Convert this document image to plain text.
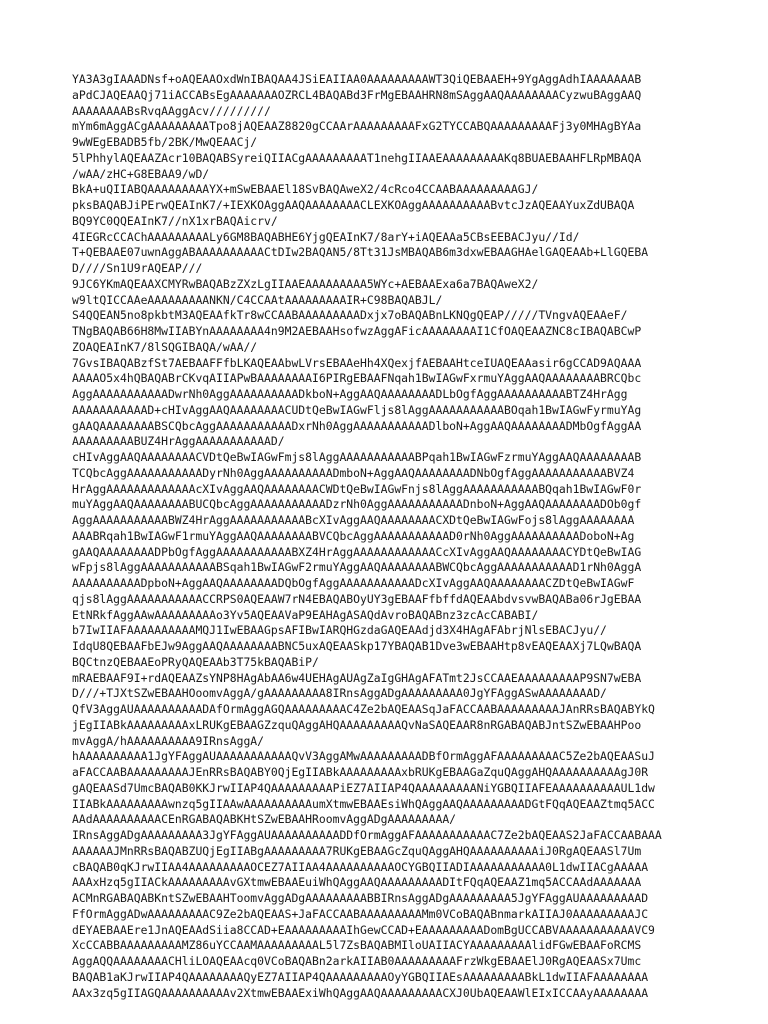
YA3A3gIAAADNsf+oAQEAAOxdWnIBAQAA4JSiEAIIAA0AAAAAAAAAWT3QiQEBAAEH+9YgAggAdhIAAAAAAAB
aPdCJAQEAAQj71iACCABsEgAAAAAAAOZRCL4BAQABd3FrMgEBAAHRN8mSAggAAQAAAAAAAACyzwuBAggAAQ
AAAAAAAABsRvqAAggAcv/////////
mYm6mAggACgAAAAAAAAATpo8jAQEAAZ8820gCCAArAAAAAAAAAFxG2TYCCABQAAAAAAAAAFj3y0MHAgBYAa
9wWEgEBADB5fb/2BK/MwQEAACj/
5lPhhylAQEAAZAcr10BAQABSyreiQIIACgAAAAAAAAAT1nehgIIAAEAAAAAAAAAKq8BUAEBAAHFLRpMBAQA
/wAA/zHC+G8EBAA9/wD/
BkA+uQIIABQAAAAAAAAAYX+mSwEBAAEl18SvBAQAweX2/4cRco4CCAABAAAAAAAAAGJ/
pksBAQABJiPErwQEAInK7/+IEXKOAggAAQAAAAAAAACLEXKOAggAAAAAAAAAABvtcJzAQEAAYuxZdUBAQA
BQ9YC0QQEAInK7//nX1xrBAQAicrv/
4IEGRcCCAChAAAAAAAAALy6GM8BAQABHE6YjgQEAInK7/8arY+iAQEAAa5CBsEEBACJyu//Id/
T+QEBAAE07uwnAggABAAAAAAAAAACtDIw2BAQAN5/8Tt31JsMBAQAB6m3dxwEBAAGHAelGAQEAAb+LlGQEBA
D////Sn1U9rAQEAP///
9JC6YKmAQEAAXCMYRwBAQABzZXzLgIIAAEAAAAAAAAA5WYc+AEBAAExa6a7BAQAweX2/
w9ltQICCAAeAAAAAAAAANKN/C4CCAAtAAAAAAAAAIR+C98BAQABJL/
S4QQEAN5no8pkbtM3AQEAAfkTr8wCCAABAAAAAAAAADxjx7oBAQABnLKNQgQEAP/////TVngvAQEAAeF/
TNgBAQAB66H8MwIIABYnAAAAAAAA4n9M2AEBAAHsofwzAggAFicAAAAAAAAI1CfOAQEAAZNC8cIBAQABCwP
ZOAQEAInK7/8lSQGIBAQA/wAA//
7GvsIBAQABzfSt7AEBAAFFfbLKAQEAAbwLVrsEBAAeHh4XQexjfAEBAAHtceIUAQEAAasir6gCCAD9AQAAA
AAAAO5x4hQBAQABrCKvqAIIAPwBAAAAAAAAI6PIRgEBAAFNqah1BwIAGwFxrmuYAggAAQAAAAAAAABRCQbc
AggAAAAAAAAAAADwrNh0AggAAAAAAAAAADkboN+AggAAQAAAAAAAADLbOgfAggAAAAAAAAAABTZ4HrAgg
AAAAAAAAAAAD+cHIvAggAAQAAAAAAAACUDtQeBwIAGwFljs8lAggAAAAAAAAAAABOqah1BwIAGwFyrmuYAg
gAAQAAAAAAAABSCQbcAggAAAAAAAAAAADxrNh0AggAAAAAAAAAAADlboN+AggAAQAAAAAAAADMbOgfAggAA
AAAAAAAAABUZ4HrAggAAAAAAAAAAAD/
cHIvAggAAQAAAAAAAACVDtQeBwIAGwFmjs8lAggAAAAAAAAAAABPqah1BwIAGwFzrmuYAggAAQAAAAAAAAB
TCQbcAggAAAAAAAAAAADyrNh0AggAAAAAAAAAADmboN+AggAAQAAAAAAAADNbOgfAggAAAAAAAAAAABVZ4
HrAggAAAAAAAAAAAAAcXIvAggAAQAAAAAAAACWDtQeBwIAGwFnjs8lAggAAAAAAAAAAABQqah1BwIAGwF0r
muYAggAAQAAAAAAAABUCQbcAggAAAAAAAAAAADzrNh0AggAAAAAAAAAAADnboN+AggAAQAAAAAAAADOb0gf
AggAAAAAAAAAAABWZ4HrAggAAAAAAAAAAABcXIvAggAAQAAAAAAAACXDtQeBwIAGwFojs8lAggAAAAAAAA
AAABRqah1BwIAGwF1rmuYAggAAQAAAAAAAABVCQbcAggAAAAAAAAAAAD0rNh0AggAAAAAAAAAADoboN+Ag
gAAQAAAAAAAADPbOgfAggAAAAAAAAAAABXZ4HrAggAAAAAAAAAAAACcXIvAggAAQAAAAAAAACYDtQeBwIAG
wFpjs8lAggAAAAAAAAAAABSqah1BwIAGwF2rmuYAggAAQAAAAAAAABWCQbcAggAAAAAAAAAAAD1rNh0AggA
AAAAAAAAAADpboN+AggAAQAAAAAAAADQbOgfAggAAAAAAAAAAADcXIvAggAAQAAAAAAAACZDtQeBwIAGwF
qjs8lAggAAAAAAAAAAACCRPS0AQEAAW7rN4EBAQABOyUY3gEBAAFfbffdAQEAAbdvsvwBAQABa06rJgEBAA
EtNRkfAggAAwAAAAAAAAAo3Yv5AQEAAVaP9EAHAgASAQdAvroBAQABnz3zcAcCABABI/
b7IwIIAFAAAAAAAAAAMQJ1IwEBAAGpsAFIBwIARQHGzdaGAQEAAdjd3X4HAgAFAbrjNlsEBACJyu//
IdqU8QEBAAFbEJw9AggAAQAAAAAAAABNC5uxAQEAASkp17YBAQAB1Dve3wEBAAHtp8vEAQEAAXj7LQwBAQA
BQCtnzQEBAAEoPRyQAQEAAb3T75kBAQABiP/
mRAEBAAF9I+rdAQEAAZsYNP8HAgAbAA6w4UEHAgAUAgZaIgGHAgAFATmt2JsCCAAEAAAAAAAAAP9SN7wEBA
D///+TJXtSZwEBAAHOoomvAggA/gAAAAAAAAA8IRnsAggADgAAAAAAAAA0JgYFAggASwAAAAAAAAD/
QfV3AggAUAAAAAAAAAADAfOrmAggAGQAAAAAAAAAC4Ze2bAQEAASqJaFACCAABAAAAAAAAAJAnRRsBAQABYkQ
jEgIIABkAAAAAAAAAxLRUKgEBAAGZzquQAggAHQAAAAAAAAAQvNaSAQEAAR8nRGABAQABJntSZwEBAAHPoo
mvAggA/hAAAAAAAAAA9IRnsAggA/
hAAAAAAAAAA1JgYFAggAUAAAAAAAAAAAQvV3AggAMwAAAAAAAAADBfOrmAggAFAAAAAAAAAC5Ze2bAQEAASuJ
aFACCAABAAAAAAAAAJEnRRsBAQABY0QjEgIIABkAAAAAAAAAxbRUKgEBAAGaZquQAggAHQAAAAAAAAAAgJ0R
gAQEAASd7UmcBAQAB0KKJrwIIAP4QAAAAAAAAAPiEZ7AIIAP4QAAAAAAAAANiYGBQIIAFEAAAAAAAAAAUL1dw
IIABkAAAAAAAAAwnzq5gIIAAwAAAAAAAAAAumXtmwEBAAEsiWhQAggAAQAAAAAAAAADGtFQqAQEAAZtmq5ACC
AAdAAAAAAAAAACEnRGABAQABKHtSZwEBAAHRoomvAggADgAAAAAAAAA/
IRnsAggADgAAAAAAAAA3JgYFAggAUAAAAAAAAAADDfOrmAggAFAAAAAAAAAAAC7Ze2bAQEAAS2JaFACCAABAAA
AAAAAAJMnRRsBAQABZUQjEgIIABgAAAAAAAAA7RUKgEBAAGcZquQAggAHQAAAAAAAAAAiJ0RgAQEAASl7Um
cBAQAB0qKJrwIIAA4AAAAAAAAAOCEZ7AIIAA4AAAAAAAAAAOCYGBQIIADIAAAAAAAAAAA0L1dwIIACgAAAAA
AAAxHzq5gIIACkAAAAAAAAAvGXtmwEBAAEuiWhQAggAAQAAAAAAAAADItFQqAQEAAZ1mq5ACCAAdAAAAAAA
ACMnRGABAQABKntSZwEBAAHToomvAggADgAAAAAAAAABBIRnsAggADgAAAAAAAAA5JgYFAggAUAAAAAAAAAD
FfOrmAggADwAAAAAAAAAC9Ze2bAQEAAS+JaFACCAABAAAAAAAAAMm0VCoBAQABnmarkAIIAJ0AAAAAAAAAJC
dEYAEBAAEre1JnAQEAAdSiia8CCAD+EAAAAAAAAAIhGewCCAD+EAAAAAAAAADomBgUCCABVAAAAAAAAAAAVC9
XcCCABBAAAAAAAAAMZ86uYCCAAMAAAAAAAAAL5l7ZsBAQABMIloUAIIACYAAAAAAAAAlidFGwEBAAFoRCMS
AggAQQAAAAAAAACHliLOAQEAAcq0VCoBAQABn2arkAIIAB0AAAAAAAAAFrzWkgEBAAElJ0RgAQEAASx7Umc
BAQAB1aKJrwIIAP4QAAAAAAAAQyEZ7AIIAP4QAAAAAAAAAOyYGBQIIAEsAAAAAAAAABkL1dwIIAFAAAAAAAA
AAx3zq5gIIAGQAAAAAAAAAAv2XtmwEBAAExiWhQAggAAQAAAAAAAAACXJ0UbAQEAAWlEIxICCAAyAAAAAAAA
